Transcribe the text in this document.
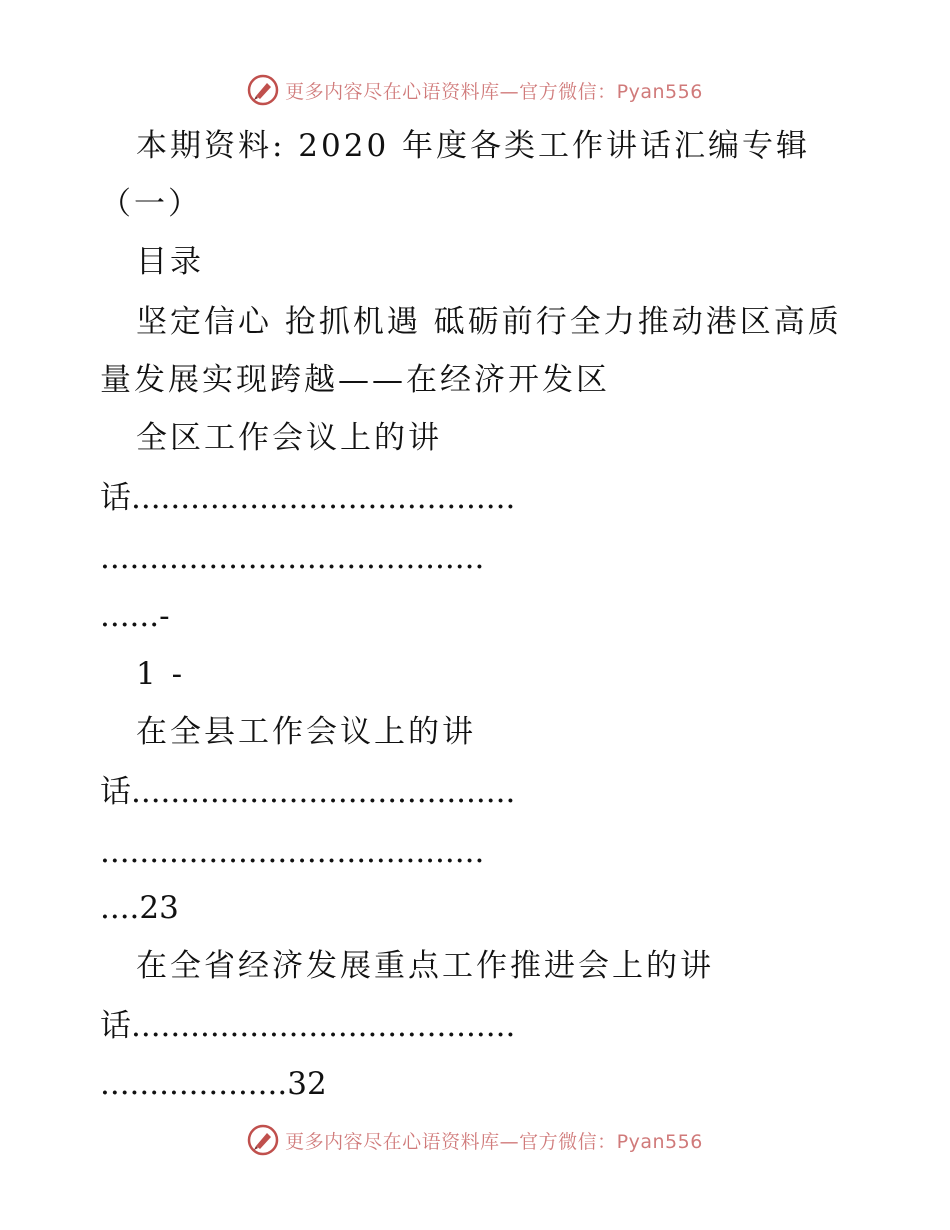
更多内容尽在心语资料库—官方微信：Pyan556
本期资料: 2020 年度各类工作讲话汇编专辑
（一）
目录
坚定信心 抢抓机遇 砥砺前行全力推动港区高质
量发展实现跨越——在经济开发区
全区工作会议上的讲
话.......................................
.......................................
......-
1 -
在全县工作会议上的讲
话.......................................
.......................................
....23
在全省经济发展重点工作推进会上的讲
话.......................................
...................32
更多内容尽在心语资料库—官方微信：Pyan556
